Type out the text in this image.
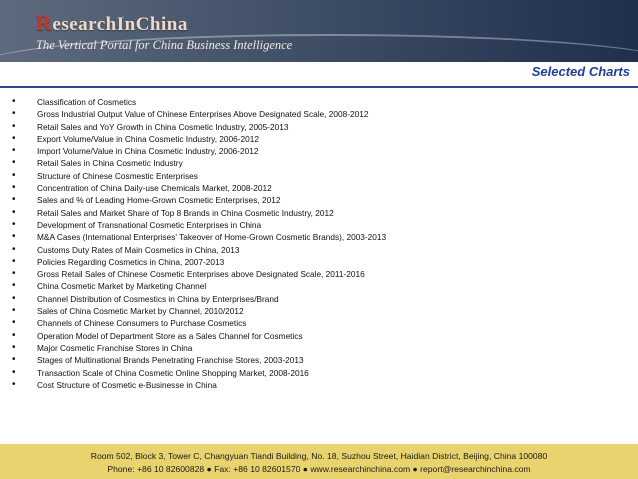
ResearchInChina
The Vertical Portal for China Business Intelligence
Selected Charts
• Classification of Cosmetics
• Gross Industrial Output Value of Chinese Enterprises Above Designated Scale, 2008-2012
• Retail Sales and YoY Growth in China Cosmetic Industry, 2005-2013
• Export Volume/Value in China Cosmetic Industry, 2006-2012
• Import Volume/Value in China Cosmetic Industry, 2006-2012
• Retail Sales in China Cosmetic Industry
• Structure of Chinese Cosmestic Enterprises
• Concentration of China Daily-use Chemicals Market, 2008-2012
• Sales and % of Leading Home-Grown Cosmetic Enterprises, 2012
• Retail Sales and Market Share of Top 8 Brands in China Cosmetic Industry, 2012
• Development of Transnational Cosmetic Enterprises in China
• M&A Cases (International Enterprises' Takeover of Home-Grown Cosmetic Brands), 2003-2013
• Customs Duty Rates of Main Cosmetics in China, 2013
• Policies Regarding Cosmetics in China, 2007-2013
• Gross Retail Sales of Chinese Cosmetic Enterprises above Designated Scale, 2011-2016
• China Cosmetic Market by Marketing Channel
• Channel Distribution of Cosmestics in China by Enterprises/Brand
• Sales of China Cosmetic Market by Channel, 2010/2012
• Channels of Chinese Consumers to Purchase Cosmetics
• Operation Model of Department Store as a Sales Channel for Cosmetics
• Major Cosmetic Franchise Stores in China
• Stages of Multinational Brands Penetrating Franchise Stores, 2003-2013
• Transaction Scale of China Cosmetic Online Shopping Market, 2008-2016
• Cost Structure of Cosmetic e-Businesse in China
Room 502, Block 3, Tower C, Changyuan Tiandi Building, No. 18, Suzhou Street, Haidian District, Beijing, China 100080
Phone: +86 10 82600828 ● Fax: +86 10 82601570 ● www.researchinchina.com ● report@researchinchina.com
